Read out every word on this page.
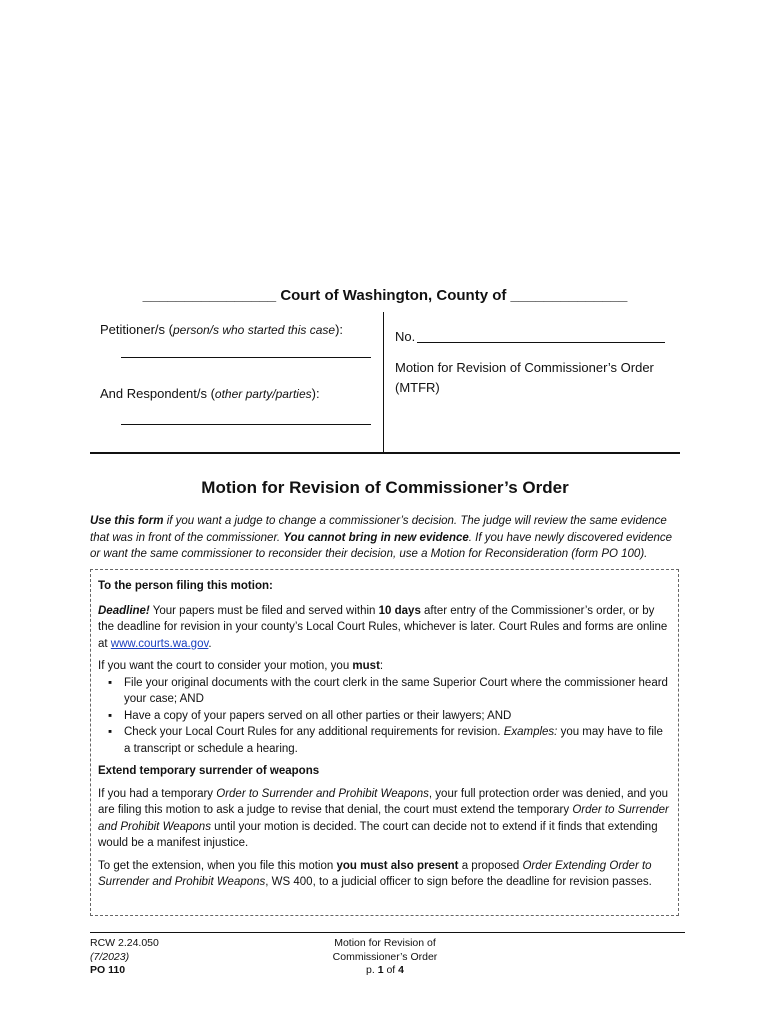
________________ Court of Washington, County of ______________
Petitioner/s (person/s who started this case):
And Respondent/s (other party/parties):
No.
Motion for Revision of Commissioner’s Order
(MTFR)
Motion for Revision of Commissioner’s Order
Use this form if you want a judge to change a commissioner’s decision. The judge will review the same evidence that was in front of the commissioner. You cannot bring in new evidence. If you have newly discovered evidence or want the same commissioner to reconsider their decision, use a Motion for Reconsideration (form PO 100).

To the person filing this motion:

Deadline! Your papers must be filed and served within 10 days after entry of the Commissioner’s order, or by the deadline for revision in your county’s Local Court Rules, whichever is later. Court Rules and forms are online at www.courts.wa.gov.

If you want the court to consider your motion, you must:

▪ File your original documents with the court clerk in the same Superior Court where the commissioner heard your case; AND
▪ Have a copy of your papers served on all other parties or their lawyers; AND
▪ Check your Local Court Rules for any additional requirements for revision. Examples: you may have to file a transcript or schedule a hearing.

Extend temporary surrender of weapons

If you had a temporary Order to Surrender and Prohibit Weapons, your full protection order was denied, and you are filing this motion to ask a judge to revise that denial, the court must extend the temporary Order to Surrender and Prohibit Weapons until your motion is decided. The court can decide not to extend if it finds that extending would be a manifest injustice.

To get the extension, when you file this motion you must also present a proposed Order Extending Order to Surrender and Prohibit Weapons, WS 400, to a judicial officer to sign before the deadline for revision passes.

RCW 2.24.050
(7/2023)
PO 110
Motion for Revision of
Commissioner’s Order
p. 1 of 4
